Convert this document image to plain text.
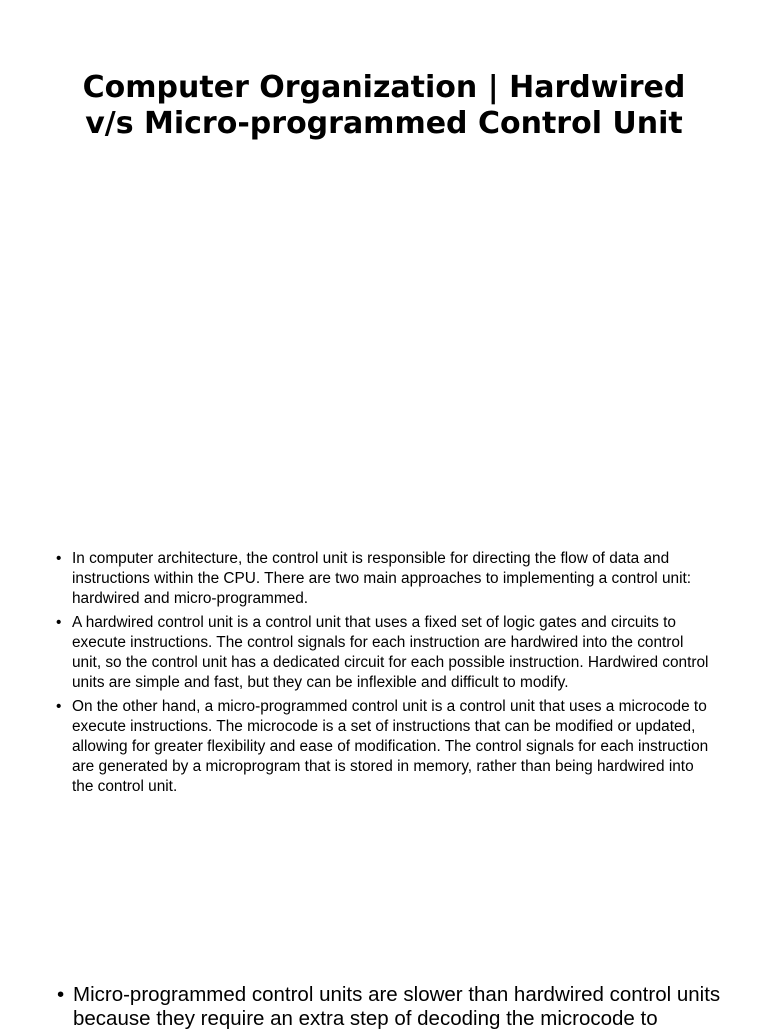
Computer Organization | Hardwired v/s Micro-programmed Control Unit
• In computer architecture, the control unit is responsible for directing the flow of data and instructions within the CPU. There are two main approaches to implementing a control unit: hardwired and micro-programmed.
• A hardwired control unit is a control unit that uses a fixed set of logic gates and circuits to execute instructions. The control signals for each instruction are hardwired into the control unit, so the control unit has a dedicated circuit for each possible instruction. Hardwired control units are simple and fast, but they can be inflexible and difficult to modify.
• On the other hand, a micro-programmed control unit is a control unit that uses a microcode to execute instructions. The microcode is a set of instructions that can be modified or updated, allowing for greater flexibility and ease of modification. The control signals for each instruction are generated by a microprogram that is stored in memory, rather than being hardwired into the control unit.

• Micro-programmed control units are slower than hardwired control units because they require an extra step of decoding the microcode to
